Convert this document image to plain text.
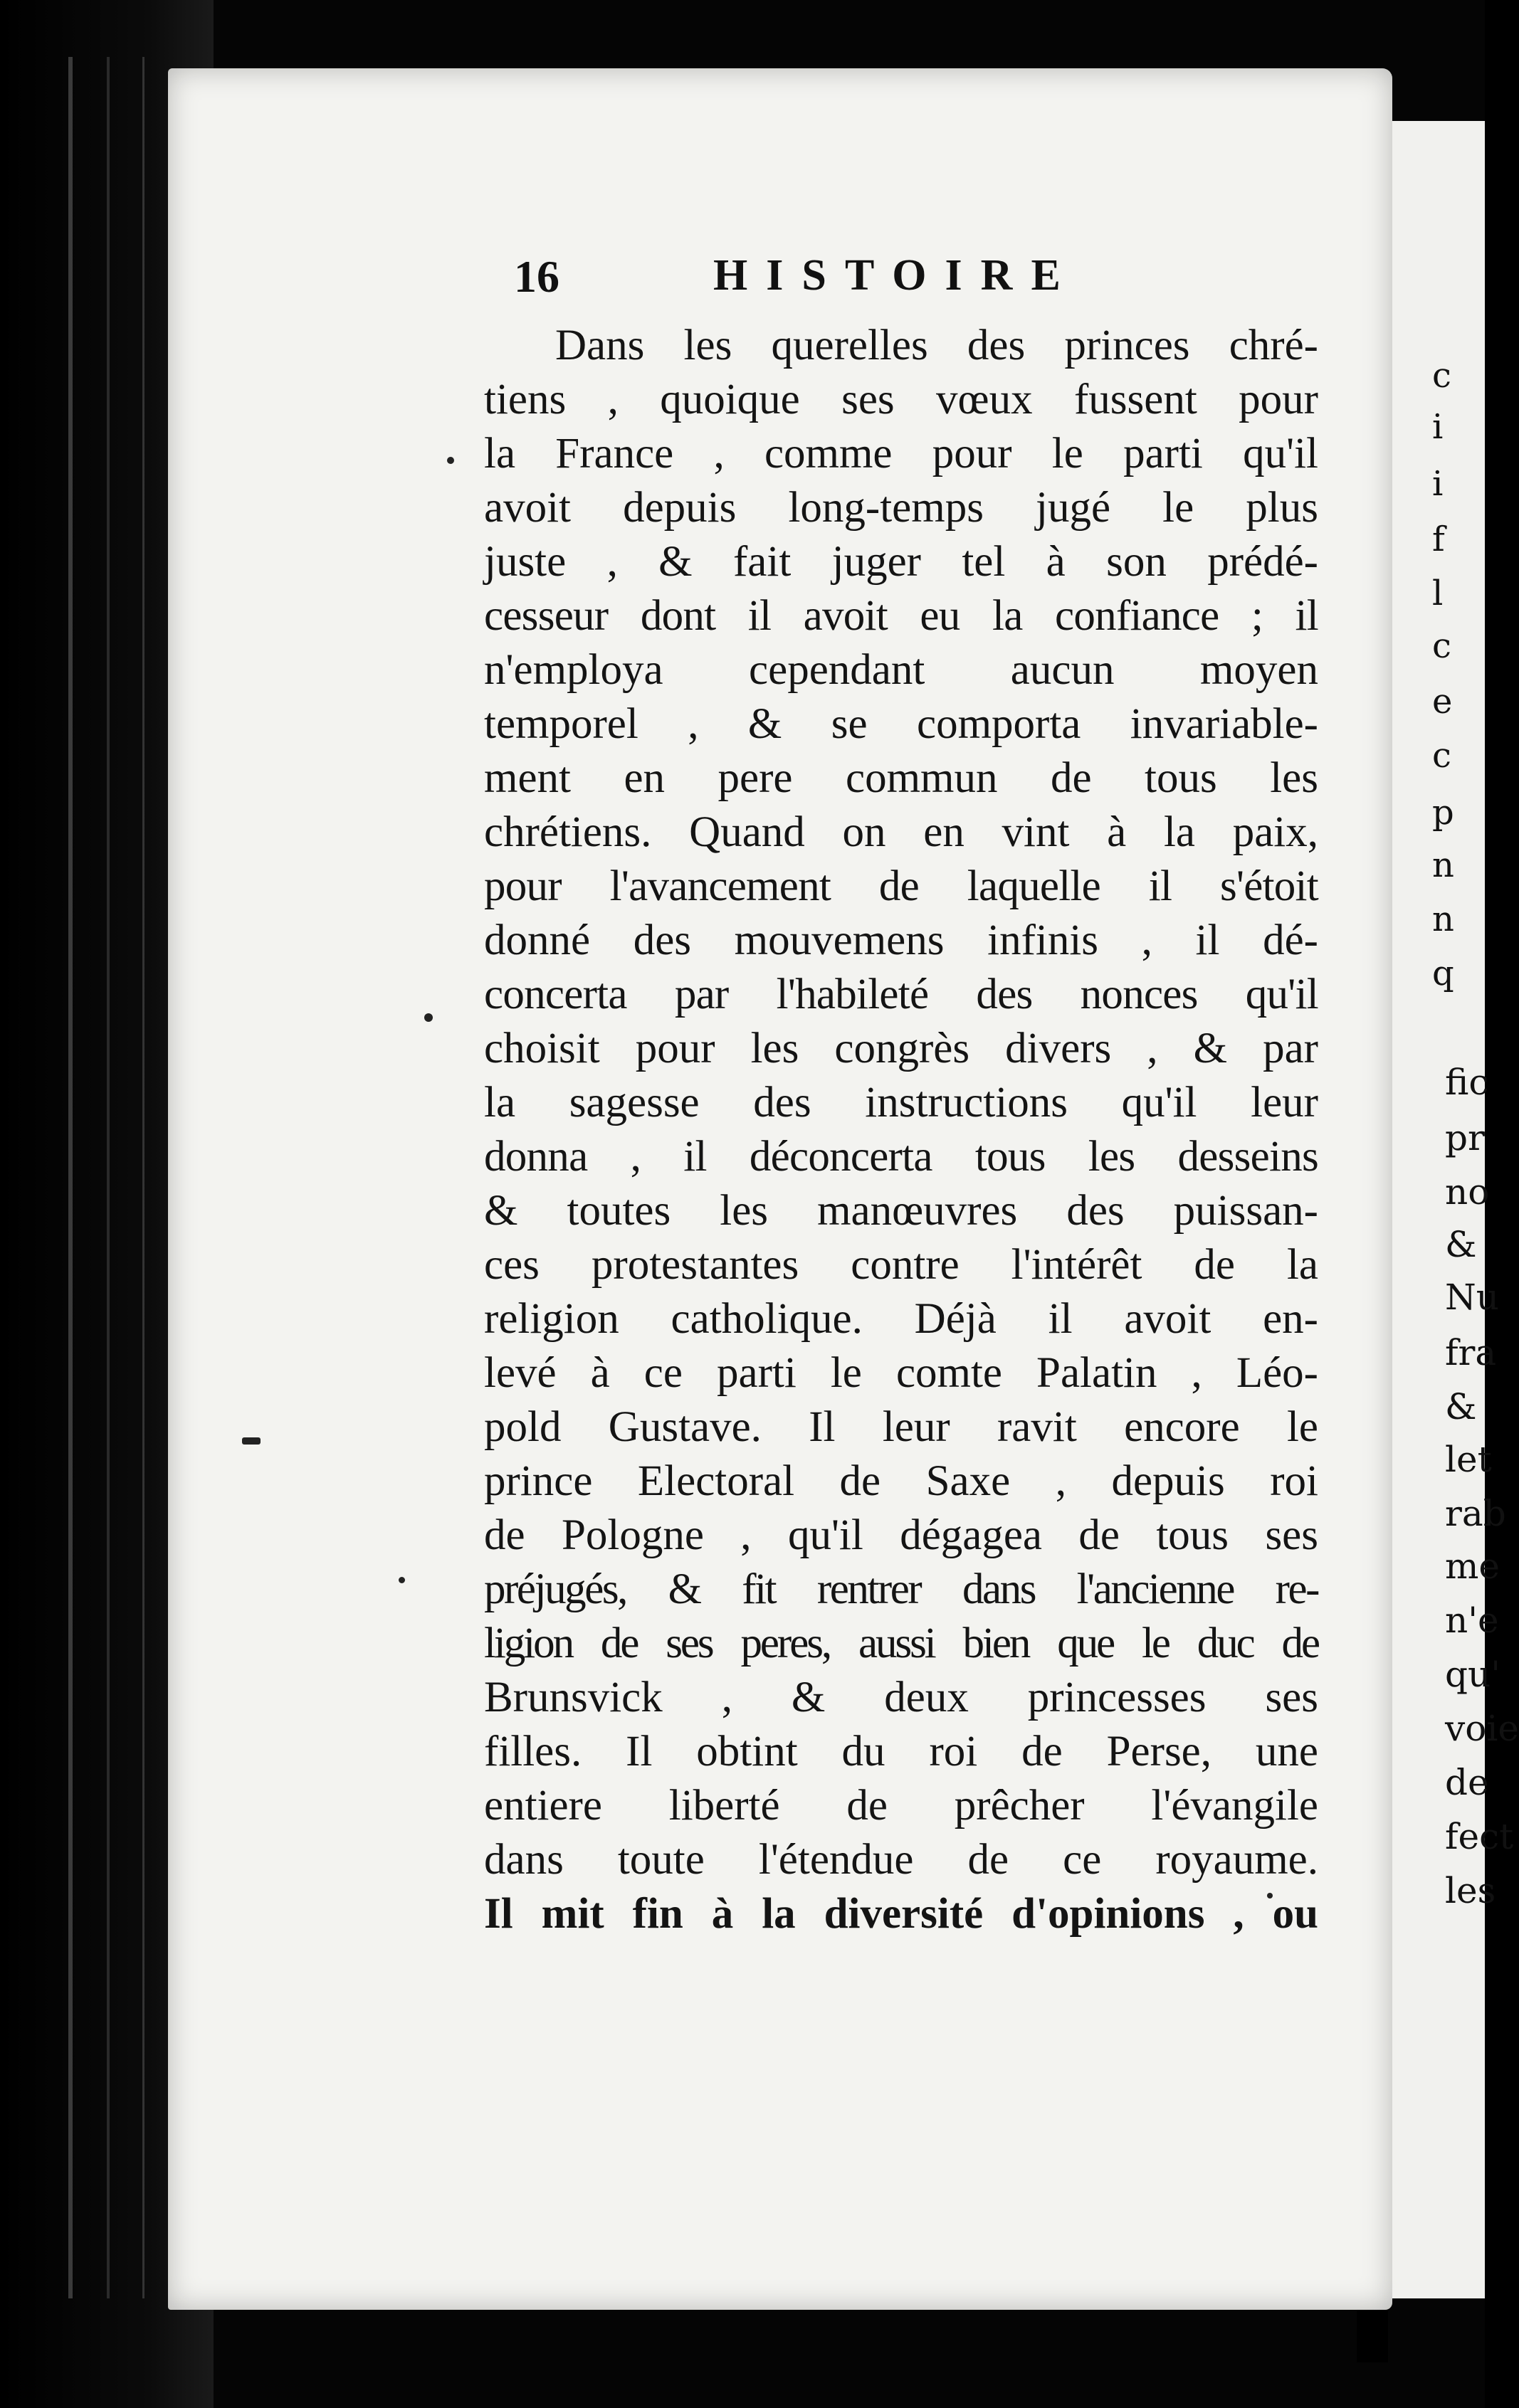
16	HISTOIRE
Dans les querelles des princes chré-
tiens , quoique ses vœux fussent pour
la France , comme pour le parti qu'il
avoit depuis long-temps jugé le plus
juste , & fait juger tel à son prédé-
cesseur dont il avoit eu la confiance ; il
n'employa cependant aucun moyen
temporel , & se comporta invariable-
ment en pere commun de tous les
chrétiens. Quand on en vint à la paix,
pour l'avancement de laquelle il s'étoit
donné des mouvemens infinis , il dé-
concerta par l'habileté des nonces qu'il
choisit pour les congrès divers , & par
la sagesse des instructions qu'il leur
donna , il déconcerta tous les desseins
& toutes les manœuvres des puissan-
ces protestantes contre l'intérêt de la
religion catholique. Déjà il avoit en-
levé à ce parti le comte Palatin , Léo-
pold Gustave. Il leur ravit encore le
prince Electoral de Saxe , depuis roi
de Pologne , qu'il dégagea de tous ses
préjugés, & fit rentrer dans l'ancienne re-
ligion de ses peres, aussi bien que le duc de
Brunsvick , & deux princesses ses
filles. Il obtint du roi de Perse, une
entiere liberté de prêcher l'évangile
dans toute l'étendue de ce royaume.
Il mit fin à la diversité d'opinions , ou
c
i
i
f
l
c
e
c
p
n
n
q
fic
pr
no
&
Nu
fra
&
let
rab
me
n'e
qu'
voie
de
fect
les
